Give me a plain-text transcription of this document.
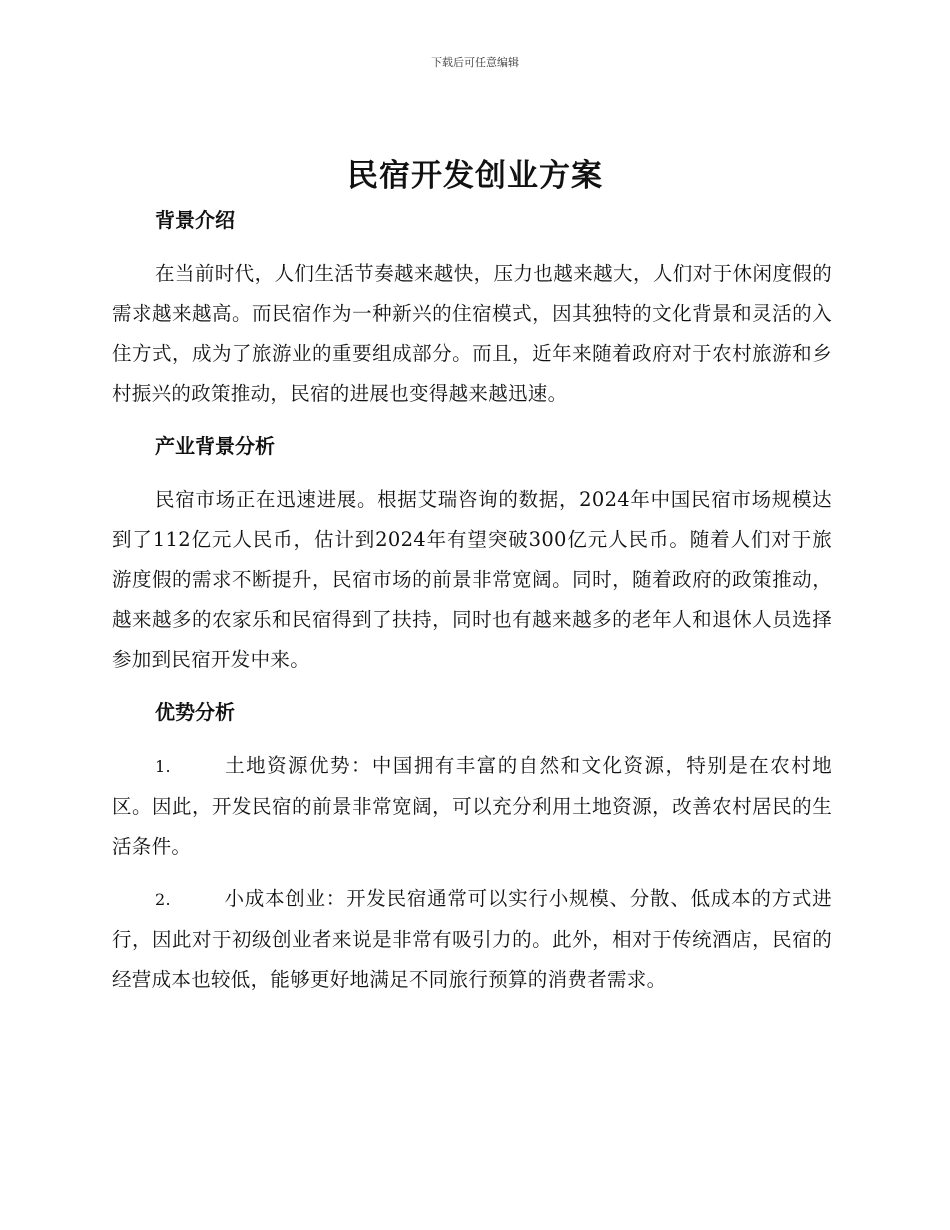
下载后可任意编辑
民宿开发创业方案
背景介绍

在当前时代，人们生活节奏越来越快，压力也越来越大，人们对于休闲度假的需求越来越高。而民宿作为一种新兴的住宿模式，因其独特的文化背景和灵活的入住方式，成为了旅游业的重要组成部分。而且，近年来随着政府对于农村旅游和乡村振兴的政策推动，民宿的进展也变得越来越迅速。

产业背景分析

民宿市场正在迅速进展。根据艾瑞咨询的数据，2024年中国民宿市场规模达到了112亿元人民币，估计到2024年有望突破300亿元人民币。随着人们对于旅游度假的需求不断提升，民宿市场的前景非常宽阔。同时，随着政府的政策推动，越来越多的农家乐和民宿得到了扶持，同时也有越来越多的老年人和退休人员选择参加到民宿开发中来。

优势分析

1.	土地资源优势：中国拥有丰富的自然和文化资源，特别是在农村地区。因此，开发民宿的前景非常宽阔，可以充分利用土地资源，改善农村居民的生活条件。

2.	小成本创业：开发民宿通常可以实行小规模、分散、低成本的方式进行，因此对于初级创业者来说是非常有吸引力的。此外，相对于传统酒店，民宿的经营成本也较低，能够更好地满足不同旅行预算的消费者需求。
